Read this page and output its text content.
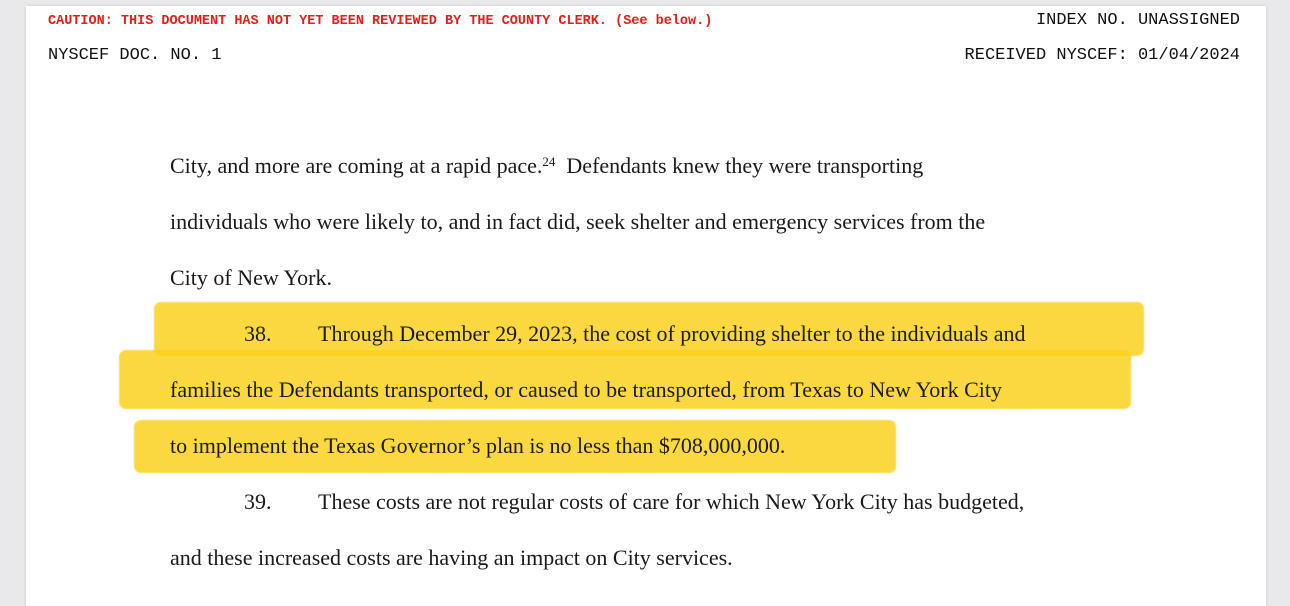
CAUTION: THIS DOCUMENT HAS NOT YET BEEN REVIEWED BY THE COUNTY CLERK. (See below.)	INDEX NO. UNASSIGNED
NYSCEF DOC. NO. 1	RECEIVED NYSCEF: 01/04/2024
City, and more are coming at a rapid pace.$^{24}$ Defendants knew they were transporting
individuals who were likely to, and in fact did, seek shelter and emergency services from the
City of New York.
38. Through December 29, 2023, the cost of providing shelter to the individuals and
families the Defendants transported, or caused to be transported, from Texas to New York City
to implement the Texas Governor’s plan is no less than $708,000,000.
39. These costs are not regular costs of care for which New York City has budgeted,
and these increased costs are having an impact on City services.
